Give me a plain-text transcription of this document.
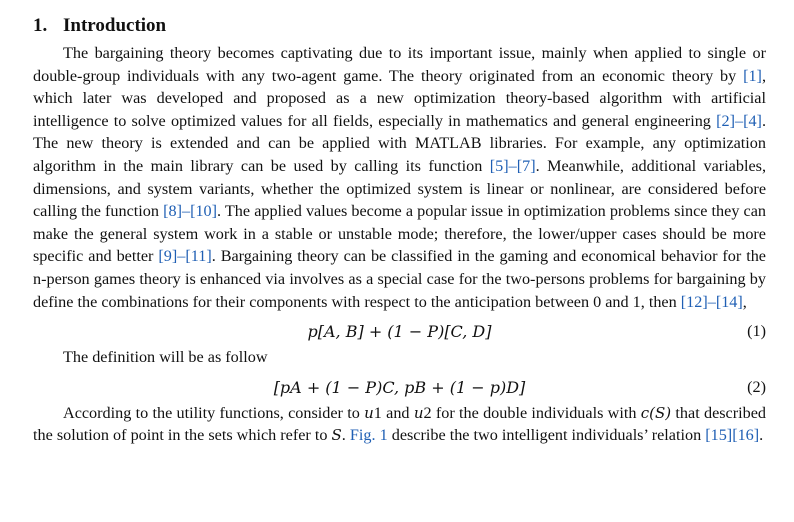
1. Introduction

The bargaining theory becomes captivating due to its important issue, mainly when applied to single or double-group individuals with any two-agent game. The theory originated from an economic theory by [1], which later was developed and proposed as a new optimization theory-based algorithm with artificial intelligence to solve optimized values for all fields, especially in mathematics and general engineering [2]–[4]. The new theory is extended and can be applied with MATLAB libraries. For example, any optimization algorithm in the main library can be used by calling its function [5]–[7]. Meanwhile, additional variables, dimensions, and system variants, whether the optimized system is linear or nonlinear, are considered before calling the function [8]–[10]. The applied values become a popular issue in optimization problems since they can make the general system work in a stable or unstable mode; therefore, the lower/upper cases should be more specific and better [9]–[11]. Bargaining theory can be classified in the gaming and economical behavior for the n-person games theory is enhanced via involves as a special case for the two-persons problems for bargaining by define the combinations for their components with respect to the anticipation between 0 and 1, then [12]–[14],

p[A, B] + (1 − P)[C, D]	(1)

The definition will be as follow

[pA + (1 − P)C, pB + (1 − p)D]	(2)

According to the utility functions, consider to u1 and u2 for the double individuals with c(S) that described the solution of point in the sets which refer to S. Fig. 1 describe the two intelligent individuals’ relation [15][16].
